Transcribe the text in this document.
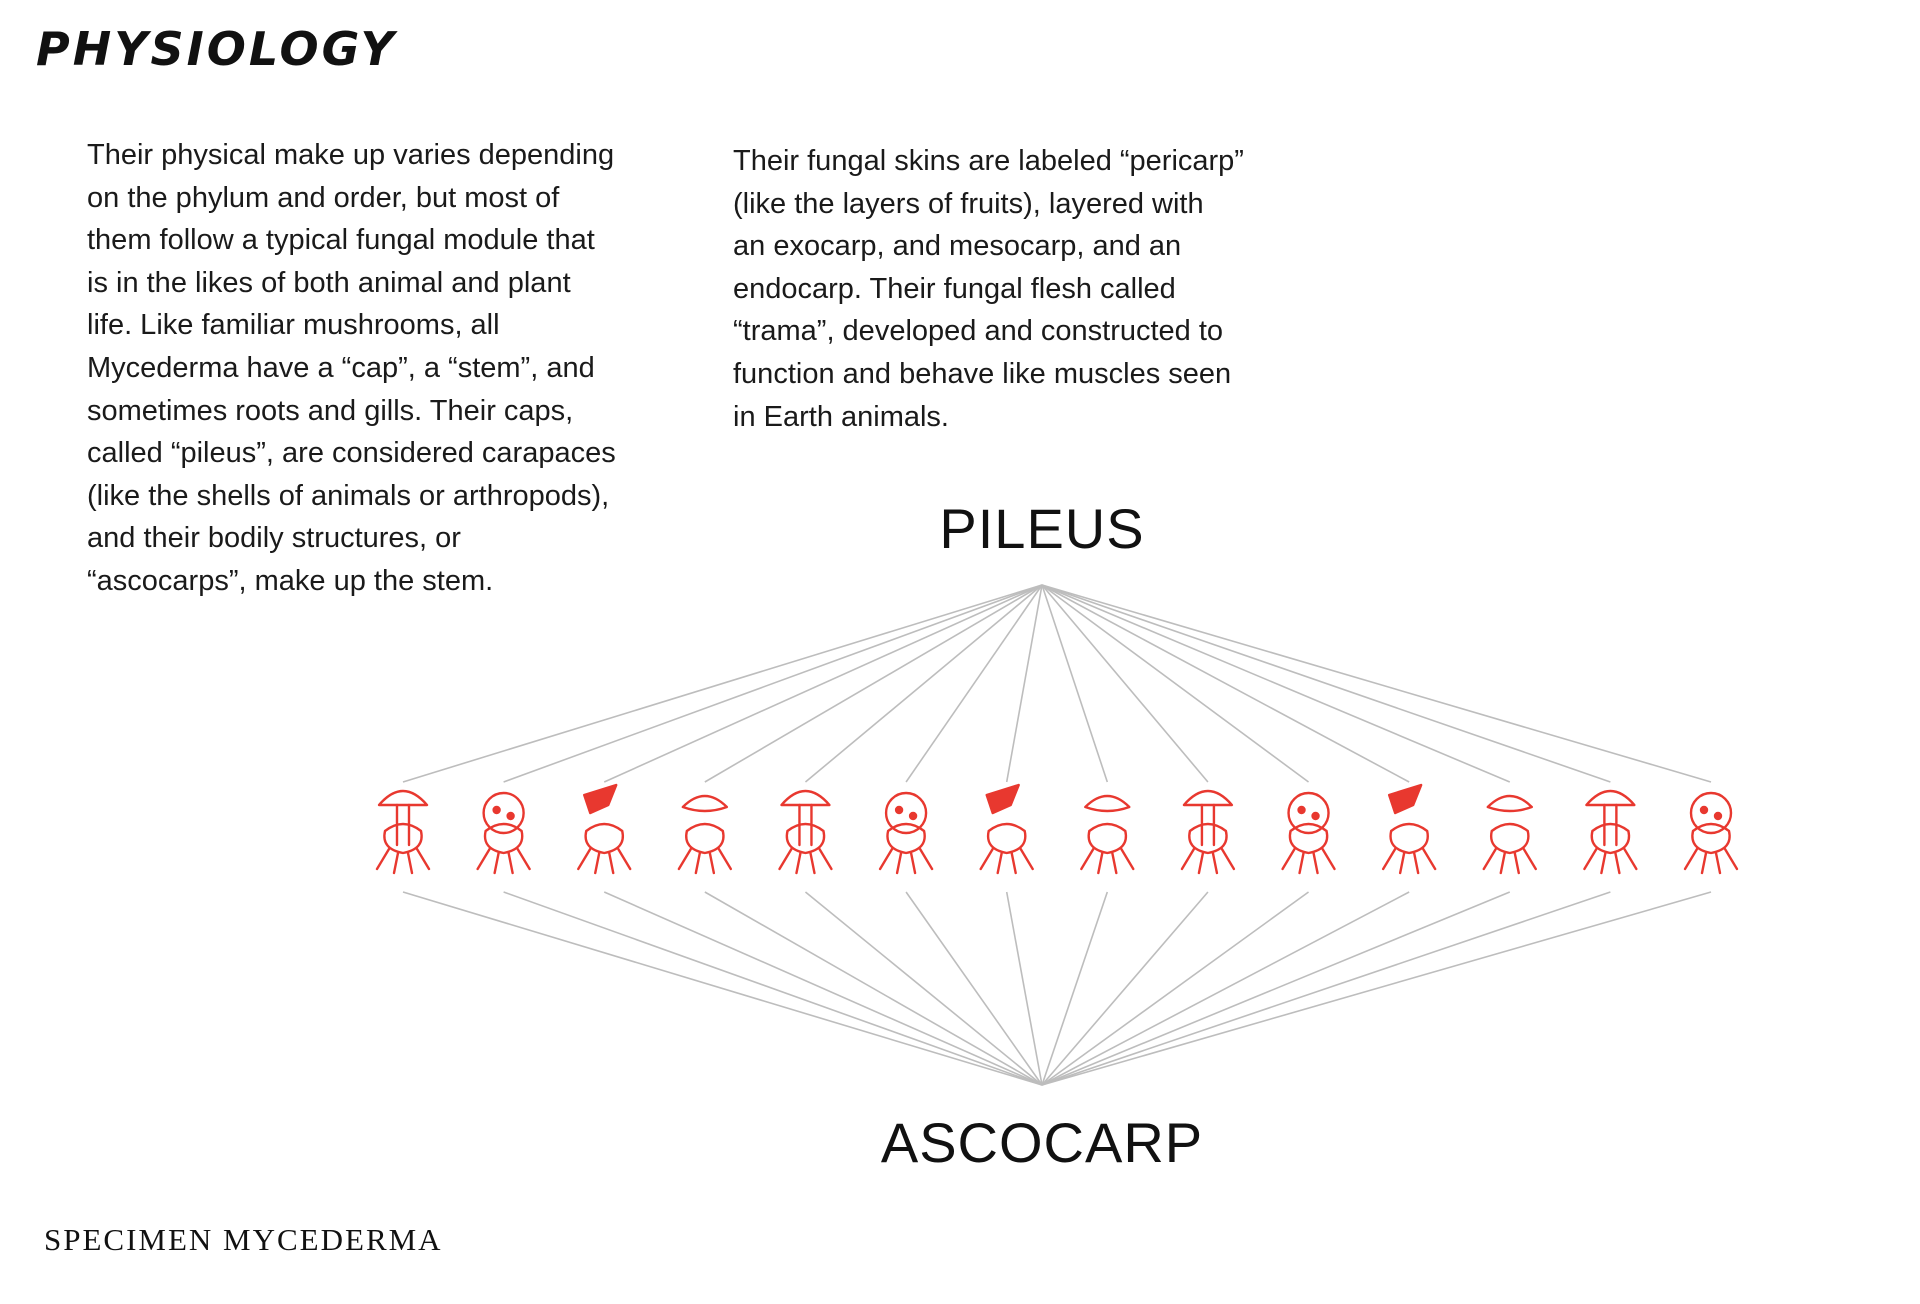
PHYSIOLOGY

Their physical make up varies depending
on the phylum and order, but most of
them follow a typical fungal module that
is in the likes of both animal and plant
life. Like familiar mushrooms, all
Mycederma have a “cap”, a “stem”, and
sometimes roots and gills. Their caps,
called “pileus”, are considered carapaces
(like the shells of animals or arthropods),
and their bodily structures, or
“ascocarps”, make up the stem.

Their fungal skins are labeled “pericarp”
(like the layers of fruits), layered with
an exocarp, and mesocarp, and an
endocarp. Their fungal flesh called
“trama”, developed and constructed to
function and behave like muscles seen
in Earth animals.

PILEUS
ASCOCARP
SPECIMEN MYCEDERMA
